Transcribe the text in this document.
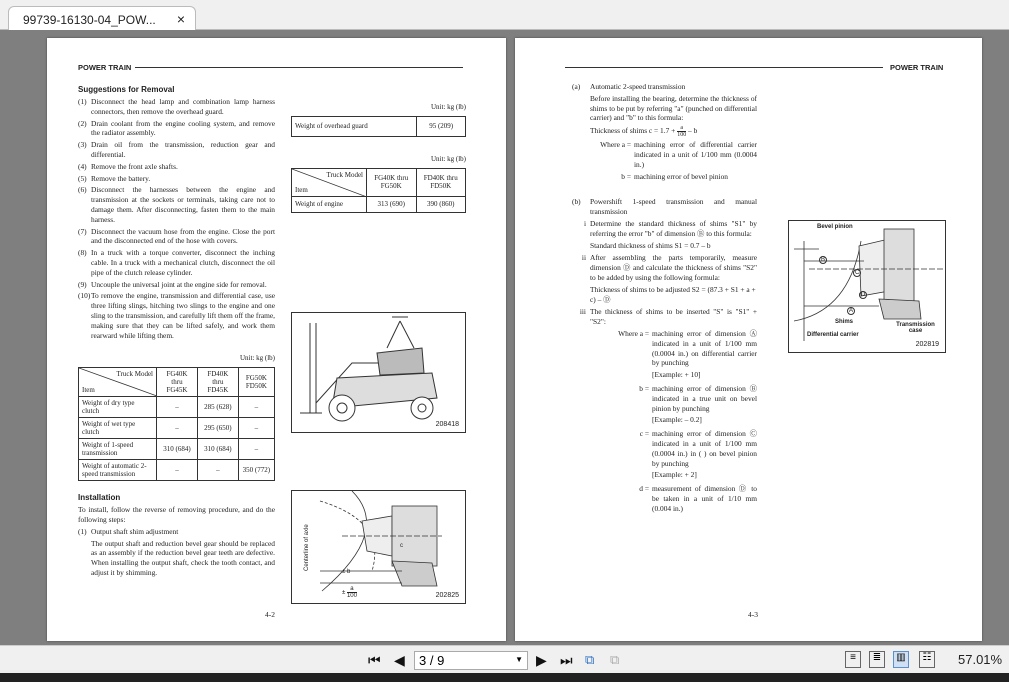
99739-16130-04_POW... ×
POWER TRAIN
Suggestions for Removal
(1) Disconnect the head lamp and combination lamp harness connectors, then remove the overhead guard.
(2) Drain coolant from the engine cooling system, and remove the radiator assembly.
(3) Drain oil from the transmission, reduction gear and differential.
(4) Remove the front axle shafts.
(5) Remove the battery.
(6) Disconnect the harnesses between the engine and transmission at the sockets or terminals, taking care not to damage them. After disconnecting, fasten them to the main harness.
(7) Disconnect the vacuum hose from the engine. Close the port and the disconnected end of the hose with covers.
(8) In a truck with a torque converter, disconnect the inching cable. In a truck with a mechanical clutch, disconnect the oil pipe of the clutch release cylinder.
(9) Uncouple the universal joint at the engine side for removal.
(10) To remove the engine, transmission and differential case, use three lifting slings, hitching two slings to the engine and one sling to the transmission, and carefully lift them off the frame, making sure that they can be lifted safely, and work them rearward while lifting them.
Unit: kg (lb)
Truck Model
Item	FG40K thru FG45K	FD40K thru FD45K	FG50K FD50K
Weight of dry type clutch	–	285 (628)	–
Weight of wet type clutch	–	295 (650)	–
Weight of 1-speed transmission	310 (684)	310 (684)	–
Weight of automatic 2-speed transmission	–	–	350 (772)
Installation
To install, follow the reverse of removing procedure, and do the following steps:
(1) Output shaft shim adjustment
The output shaft and reduction bevel gear should be replaced as an assembly if the reduction bevel gear teeth are defective. When installing the output shaft, check the tooth contact, and adjust it by shimming.
Unit: kg (lb)
Weight of overhead guard	95 (209)
Unit: kg (lb)
Truck Model
Item	FG40K thru FG50K	FD40K thru FD50K
Weight of engine	313 (690)	390 (860)
208418
Centerline of axle
± b
c
± $\frac{a}{100}$	202825
4-2
POWER TRAIN
(a)	Automatic 2-speed transmission
Before installing the bearing, determine the thickness of shims to be put by referring "a" (punched on differential carrier) and "b" to this formula:
Thickness of shims $c = 1.7 + \frac{a}{100} - b$
Where a = machining error of differential carrier indicated in a unit of 1/100 mm (0.0004 in.)
b = machining error of bevel pinion
(b)	Powershift 1-speed transmission and manual transmission
i Determine the standard thickness of shims "S1" by referring the error "b" of dimension Ⓑ to this formula:
Standard thickness of shims S1 = 0.7 – b
ii After assembling the parts temporarily, measure dimension Ⓓ and calculate the thickness of shims "S2" to be added by using the following formula:
Thickness of shims to be adjusted S2 = (87.3 + S1 + a + c) – Ⓓ
iii The thickness of shims to be inserted "S" is "S1" + "S2":
Where a = machining error of dimension Ⓐ indicated in a unit of 1/100 mm (0.0004 in.) on differential carrier by punching
[Example: + 10]
b = machining error of dimension Ⓑ indicated in a true unit on bevel pinion by punching
[Example: – 0.2]
c = machining error of dimension Ⓒ indicated in a unit of 1/100 mm (0.0004 in.) in ( ) on bevel pinion by punching
[Example: + 2]
d = measurement of dimension Ⓓ to be taken in a unit of 1/10 mm (0.004 in.)
Bevel pinion
Shims
Differential carrier
Transmission case
B
C
D
A
202819
4-3
⏮ ◀	3 / 9	▼ ▶ ⏭ ⧉ ⧉	≡	≣	▥	☷ 57.01%
